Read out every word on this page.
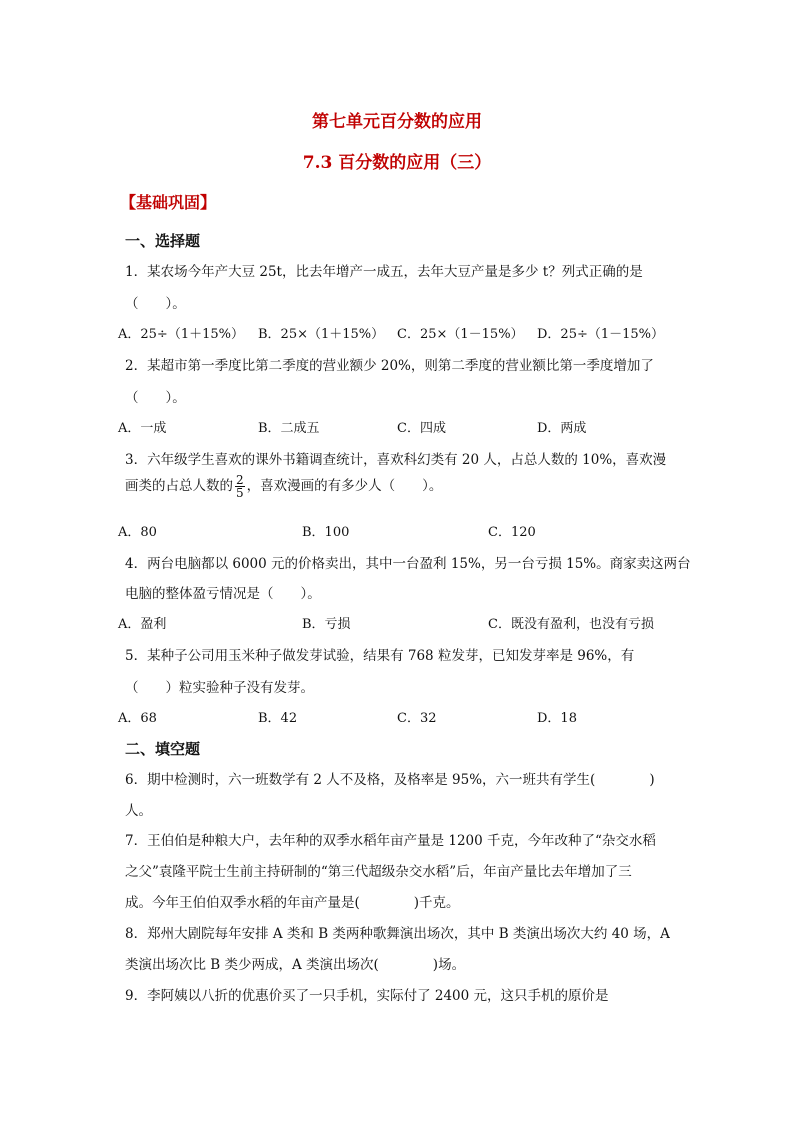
第七单元百分数的应用
7.3 百分数的应用（三）
【基础巩固】
一、选择题
1．某农场今年产大豆 25t，比去年增产一成五，去年大豆产量是多少 t？列式正确的是
（　　）。
A．25÷（1＋15%） B．25×（1＋15%） C．25×（1－15%） D．25÷（1－15%）
2．某超市第一季度比第二季度的营业额少 20%，则第二季度的营业额比第一季度增加了
（　　）。
A．一成	B．二成五	C．四成	D．两成
3．六年级学生喜欢的课外书籍调查统计，喜欢科幻类有 20 人，占总人数的 10%，喜欢漫
画类的占总人数的 $\frac{2}{5}$ ，喜欢漫画的有多少人（　　）。
A．80	B．100	C．120
4．两台电脑都以 6000 元的价格卖出，其中一台盈利 15%，另一台亏损 15%。商家卖这两台
电脑的整体盈亏情况是（　　）。
A．盈利	B．亏损	C．既没有盈利，也没有亏损
5．某种子公司用玉米种子做发芽试验，结果有 768 粒发芽，已知发芽率是 96%，有
（　　）粒实验种子没有发芽。
A．68	B．42	C．32	D．18
二、填空题
6．期中检测时，六一班数学有 2 人不及格，及格率是 95%，六一班共有学生(　　　　)
人。
7．王伯伯是种粮大户，去年种的双季水稻年亩产量是 1200 千克，今年改种了“杂交水稻
之父”袁隆平院士生前主持研制的“第三代超级杂交水稻”后，年亩产量比去年增加了三
成。今年王伯伯双季水稻的年亩产量是(　　　　)千克。
8．郑州大剧院每年安排 A 类和 B 类两种歌舞演出场次，其中 B 类演出场次大约 40 场，A
类演出场次比 B 类少两成，A 类演出场次(　　　　)场。
9．李阿姨以八折的优惠价买了一只手机，实际付了 2400 元，这只手机的原价是
